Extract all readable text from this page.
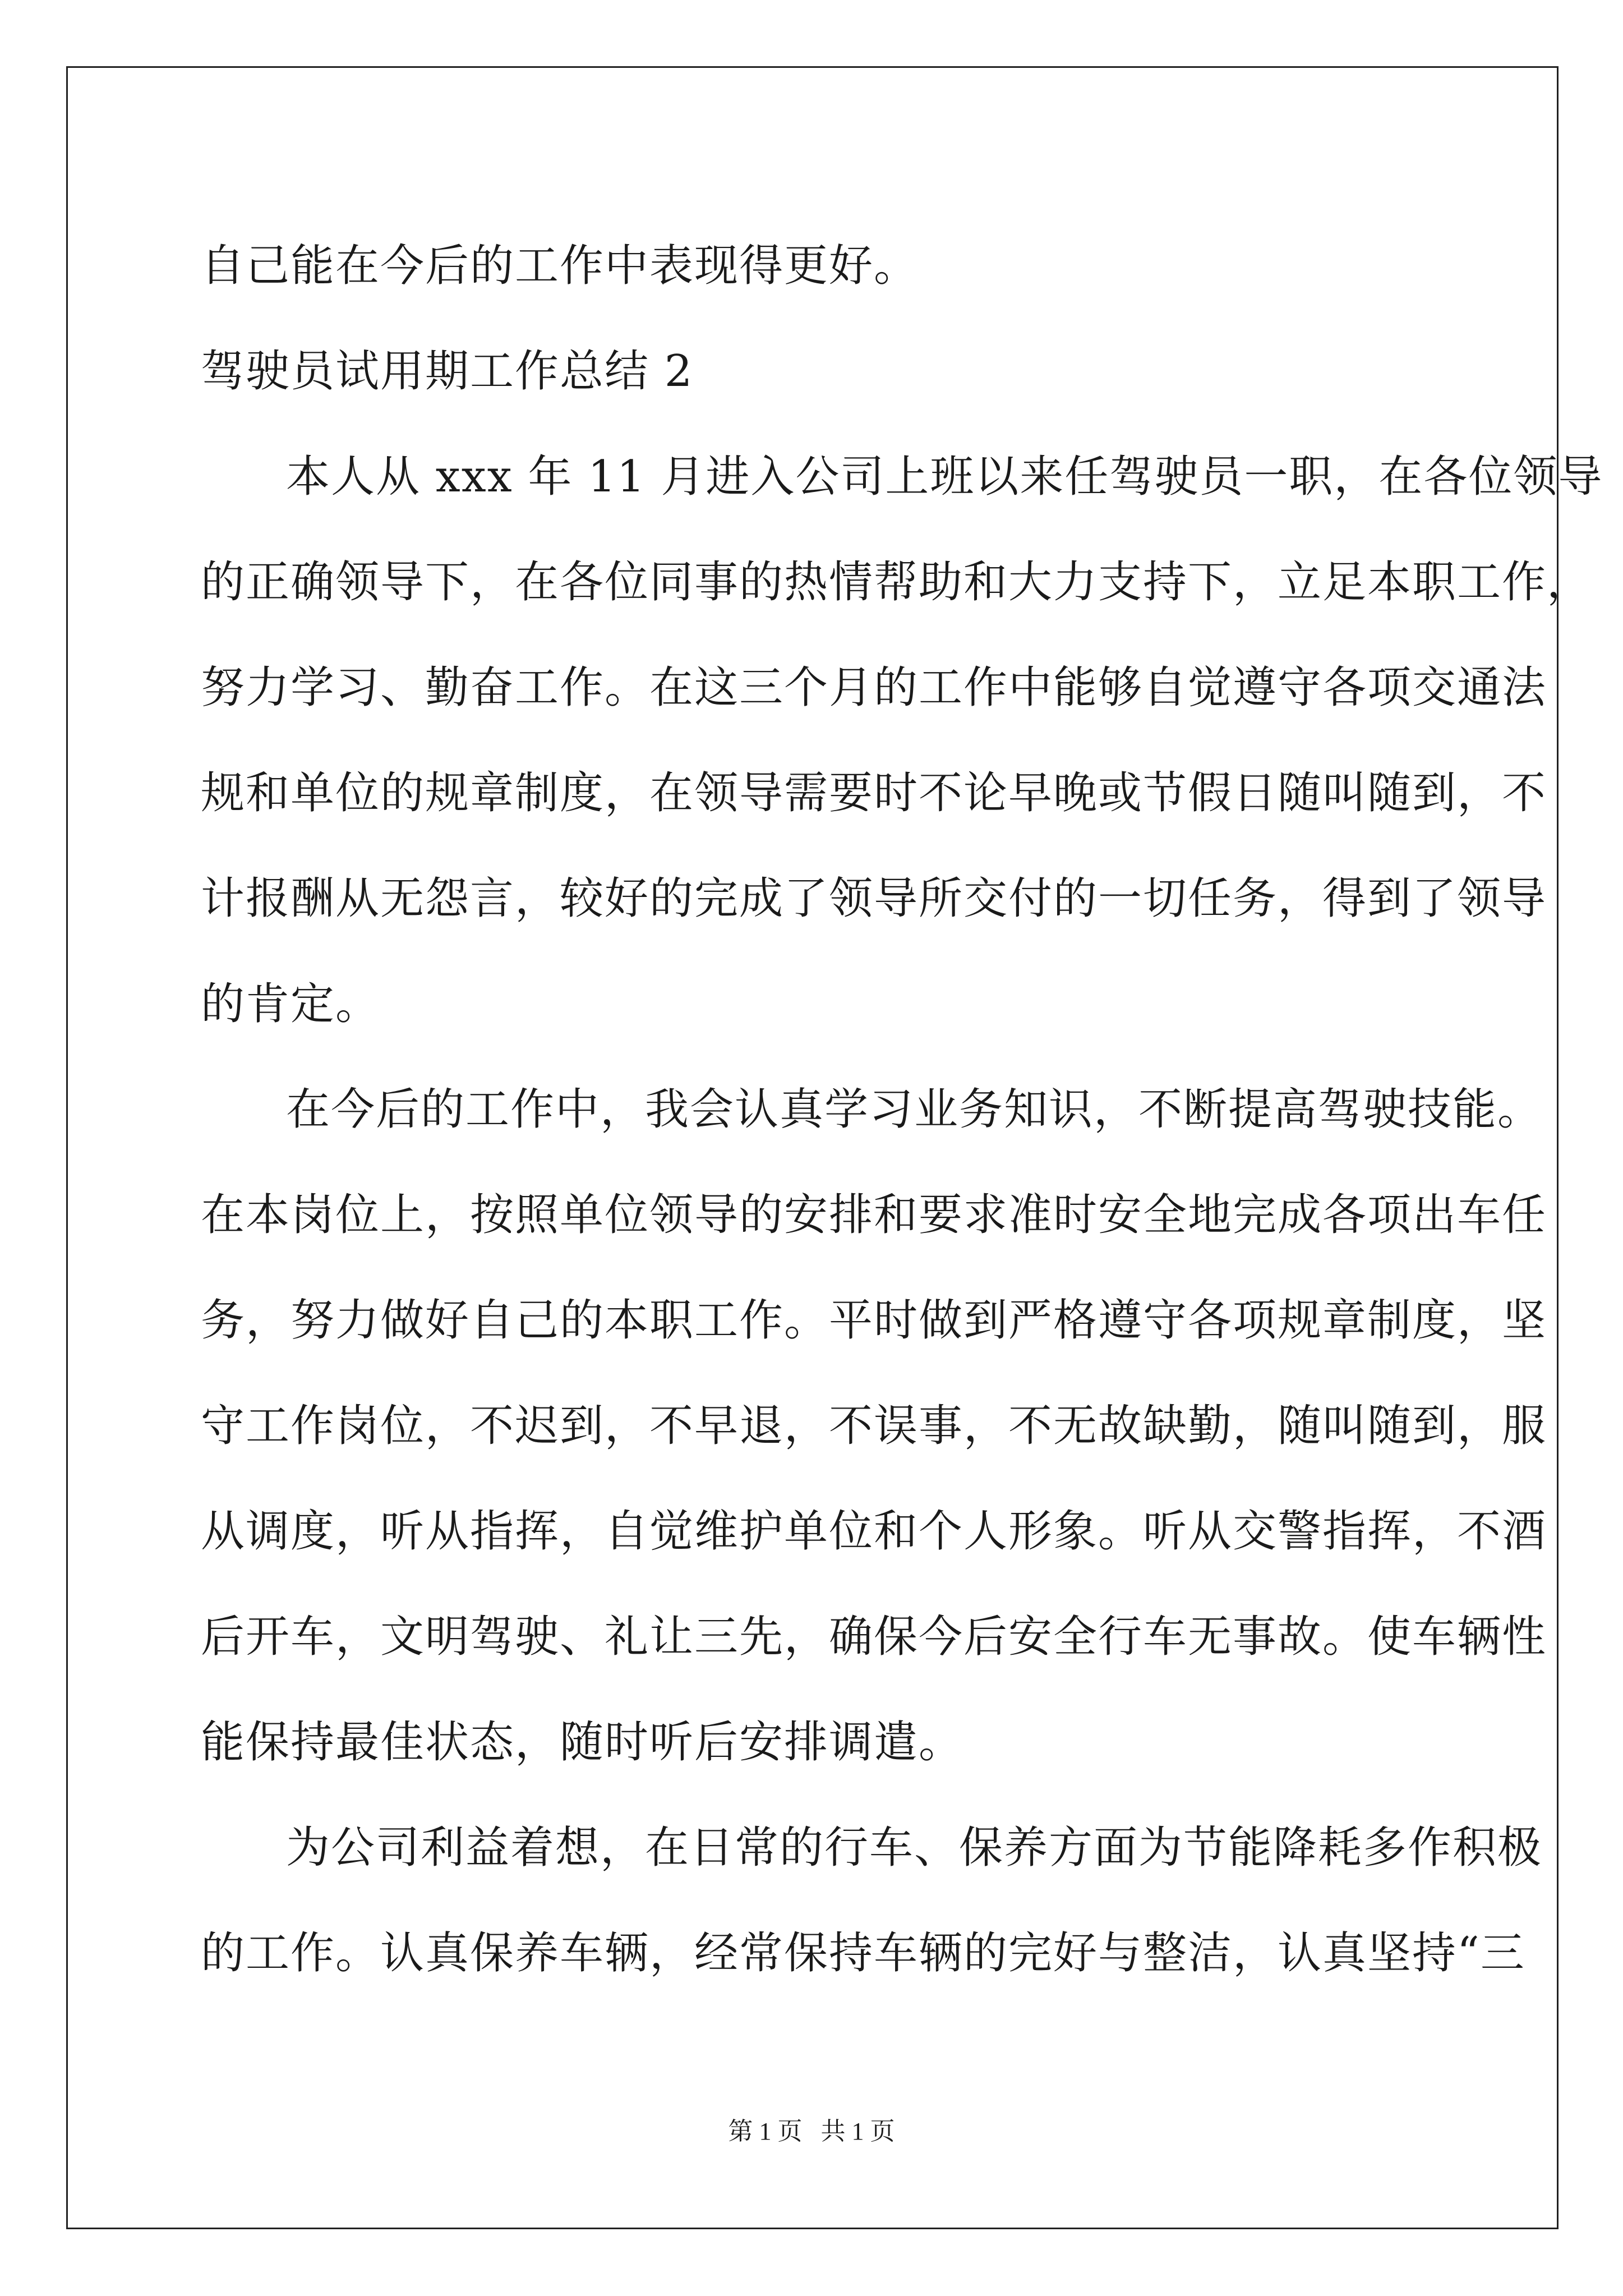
自己能在今后的工作中表现得更好。
驾驶员试用期工作总结 2
本人从 xxx 年 11 月进入公司上班以来任驾驶员一职，在各位领导
的正确领导下，在各位同事的热情帮助和大力支持下，立足本职工作，
努力学习、勤奋工作。在这三个月的工作中能够自觉遵守各项交通法
规和单位的规章制度，在领导需要时不论早晚或节假日随叫随到，不
计报酬从无怨言，较好的完成了领导所交付的一切任务，得到了领导
的肯定。
在今后的工作中，我会认真学习业务知识，不断提高驾驶技能。
在本岗位上，按照单位领导的安排和要求准时安全地完成各项出车任
务，努力做好自己的本职工作。平时做到严格遵守各项规章制度，坚
守工作岗位，不迟到，不早退，不误事，不无故缺勤，随叫随到，服
从调度，听从指挥，自觉维护单位和个人形象。听从交警指挥，不酒
后开车，文明驾驶、礼让三先，确保今后安全行车无事故。使车辆性
能保持最佳状态，随时听后安排调遣。
为公司利益着想，在日常的行车、保养方面为节能降耗多作积极
的工作。认真保养车辆，经常保持车辆的完好与整洁，认真坚持“三
第 1 页   共 1 页
